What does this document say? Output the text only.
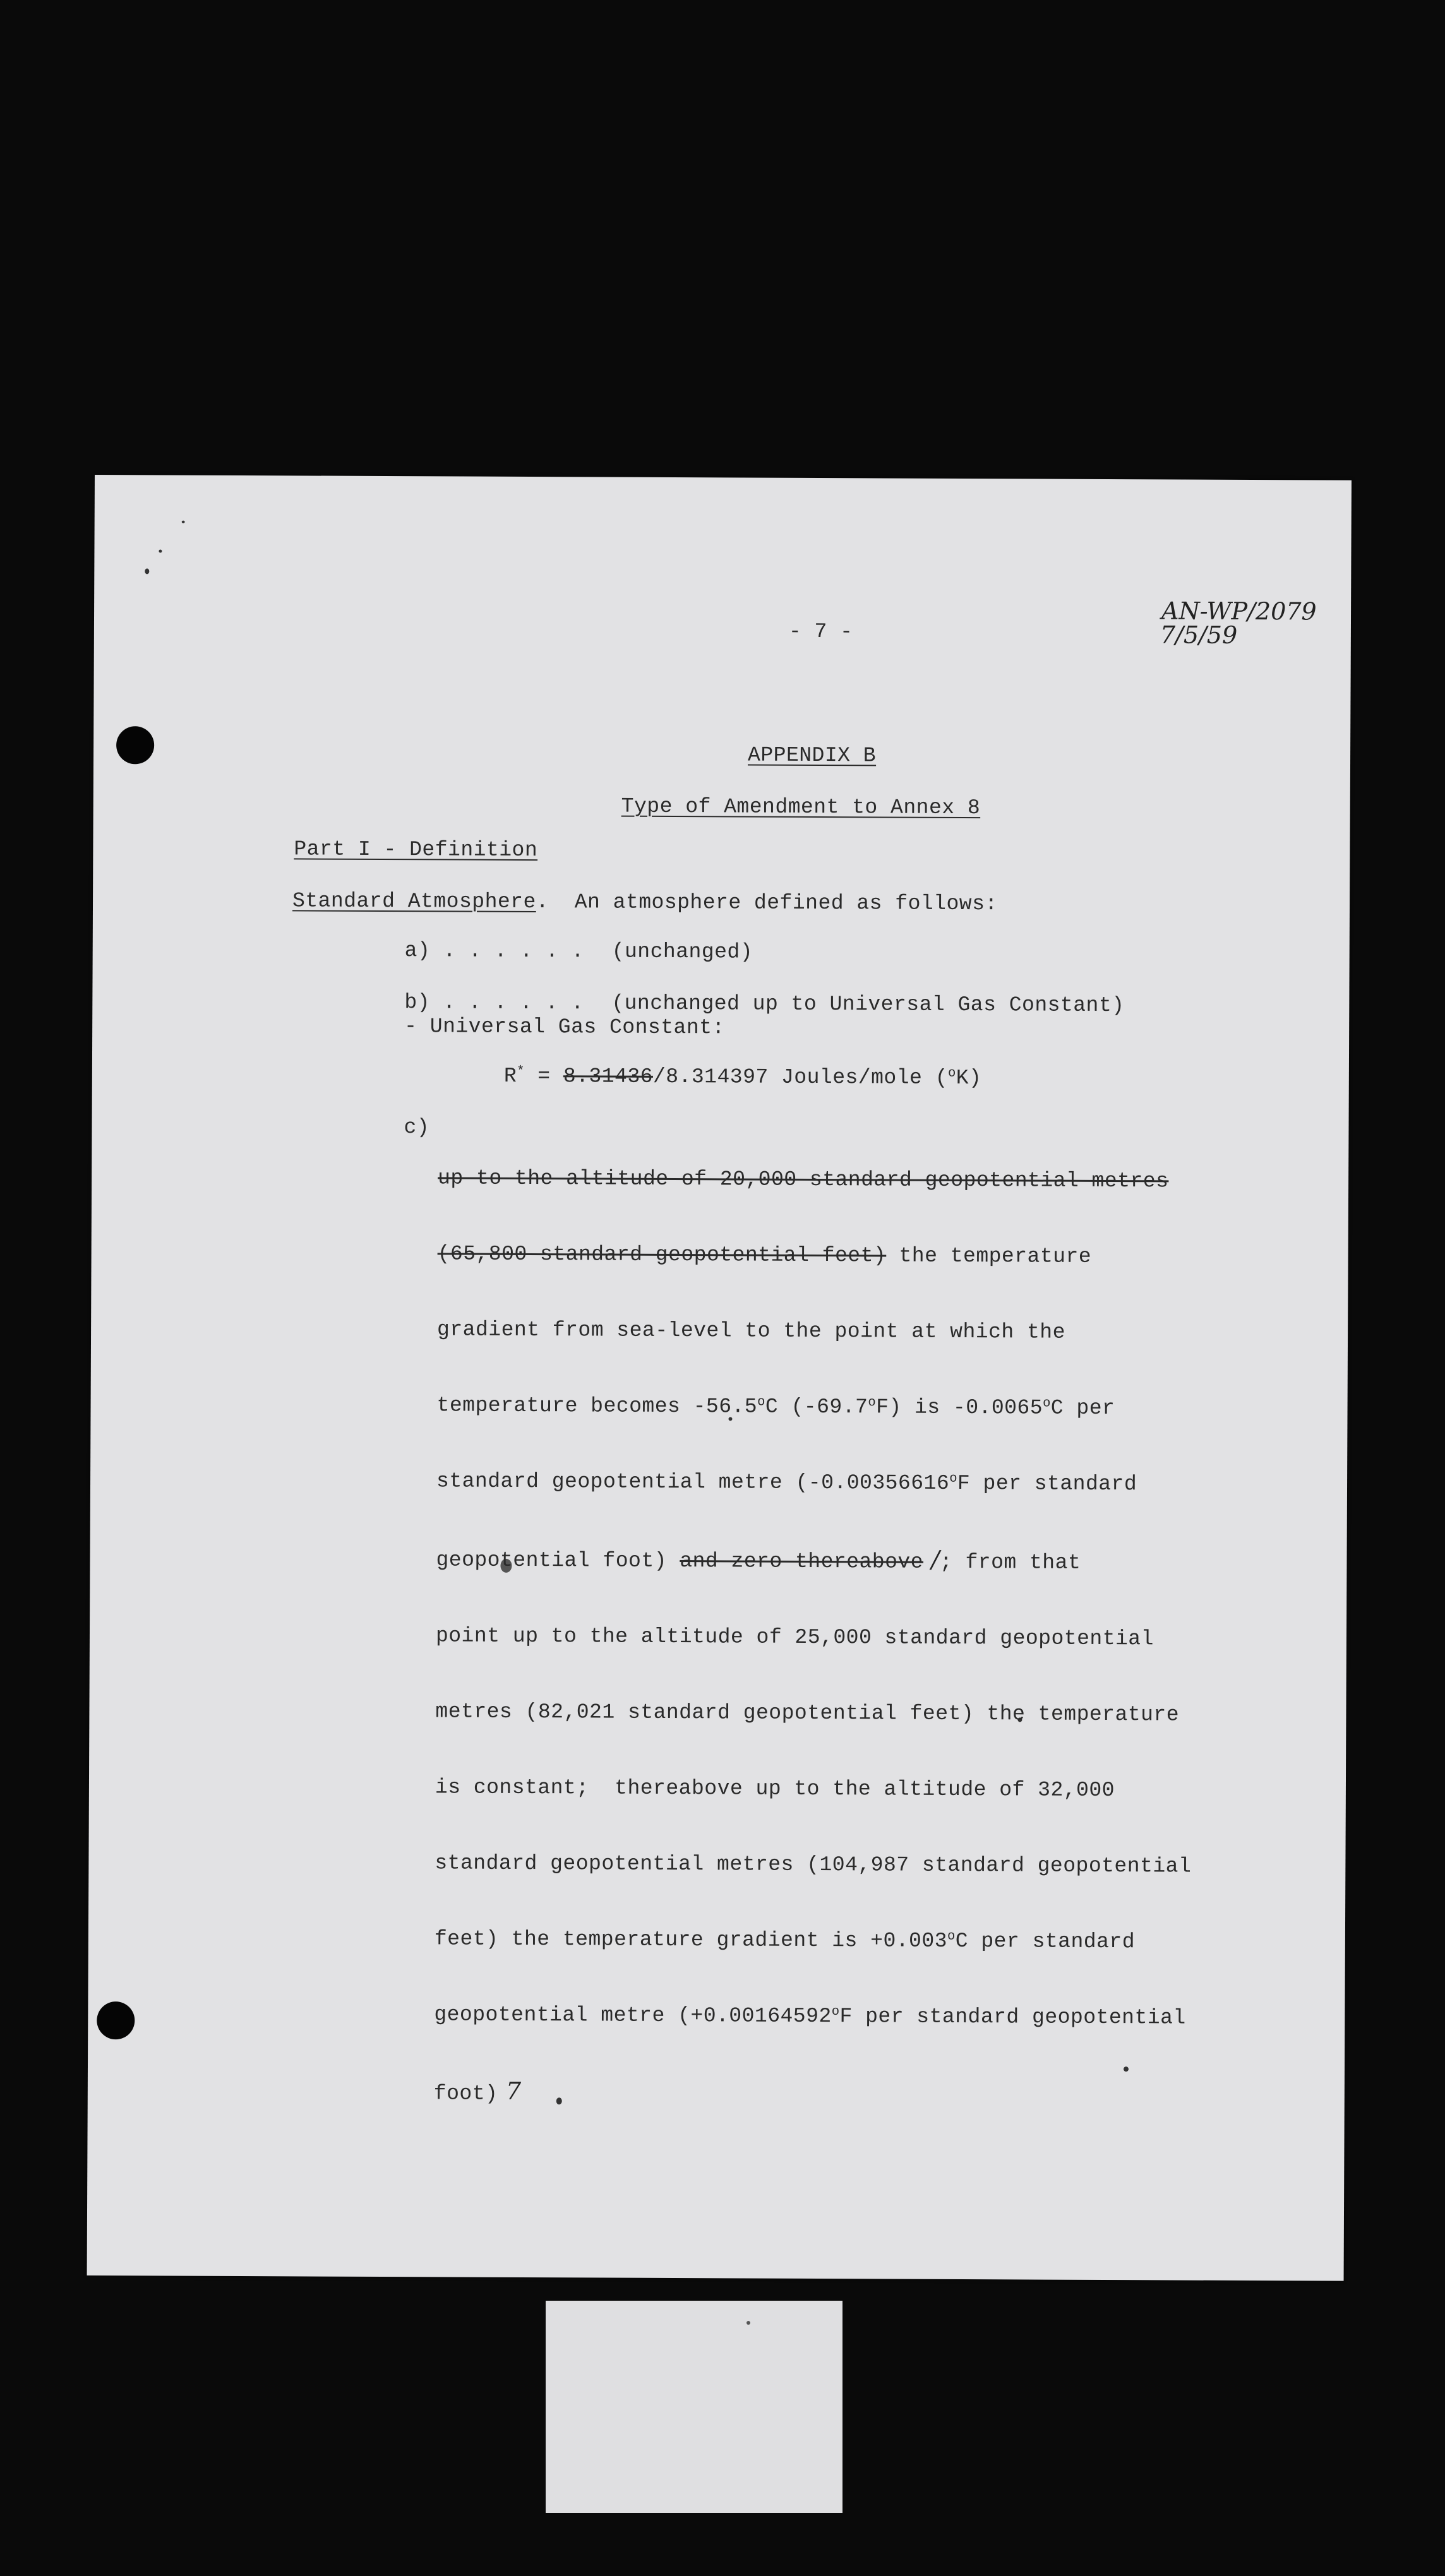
- 7 -
AN-WP/2079
7/5/59
APPENDIX B
Type of Amendment to Annex 8
Part I - Definition
Standard Atmosphere.  An atmosphere defined as follows:
a) . . . . . . (unchanged)
b) . . . . . . (unchanged up to Universal Gas Constant)
- Universal Gas Constant:
R* = 8.31436/8.314397 Joules/mole ($^o$K)
c)

up to the altitude of 20,000 standard geopotential metres

(65,800 standard geopotential feet) the temperature

gradient from sea-level to the point at which the

temperature becomes -56.5$^o$C (-69.7$^o$F) is -0.0065$^o$C per

standard geopotential metre (-0.00356616$^o$F per standard

geopotential foot) and zero thereabove /; from that

point up to the altitude of 25,000 standard geopotential

metres (82,021 standard geopotential feet) the temperature

is constant;  thereabove up to the altitude of 32,000

standard geopotential metres (104,987 standard geopotential

feet) the temperature gradient is $+0.003^oC$ per standard

geopotential metre ($+0.00164592^oF$ per standard geopotential

foot) 7
